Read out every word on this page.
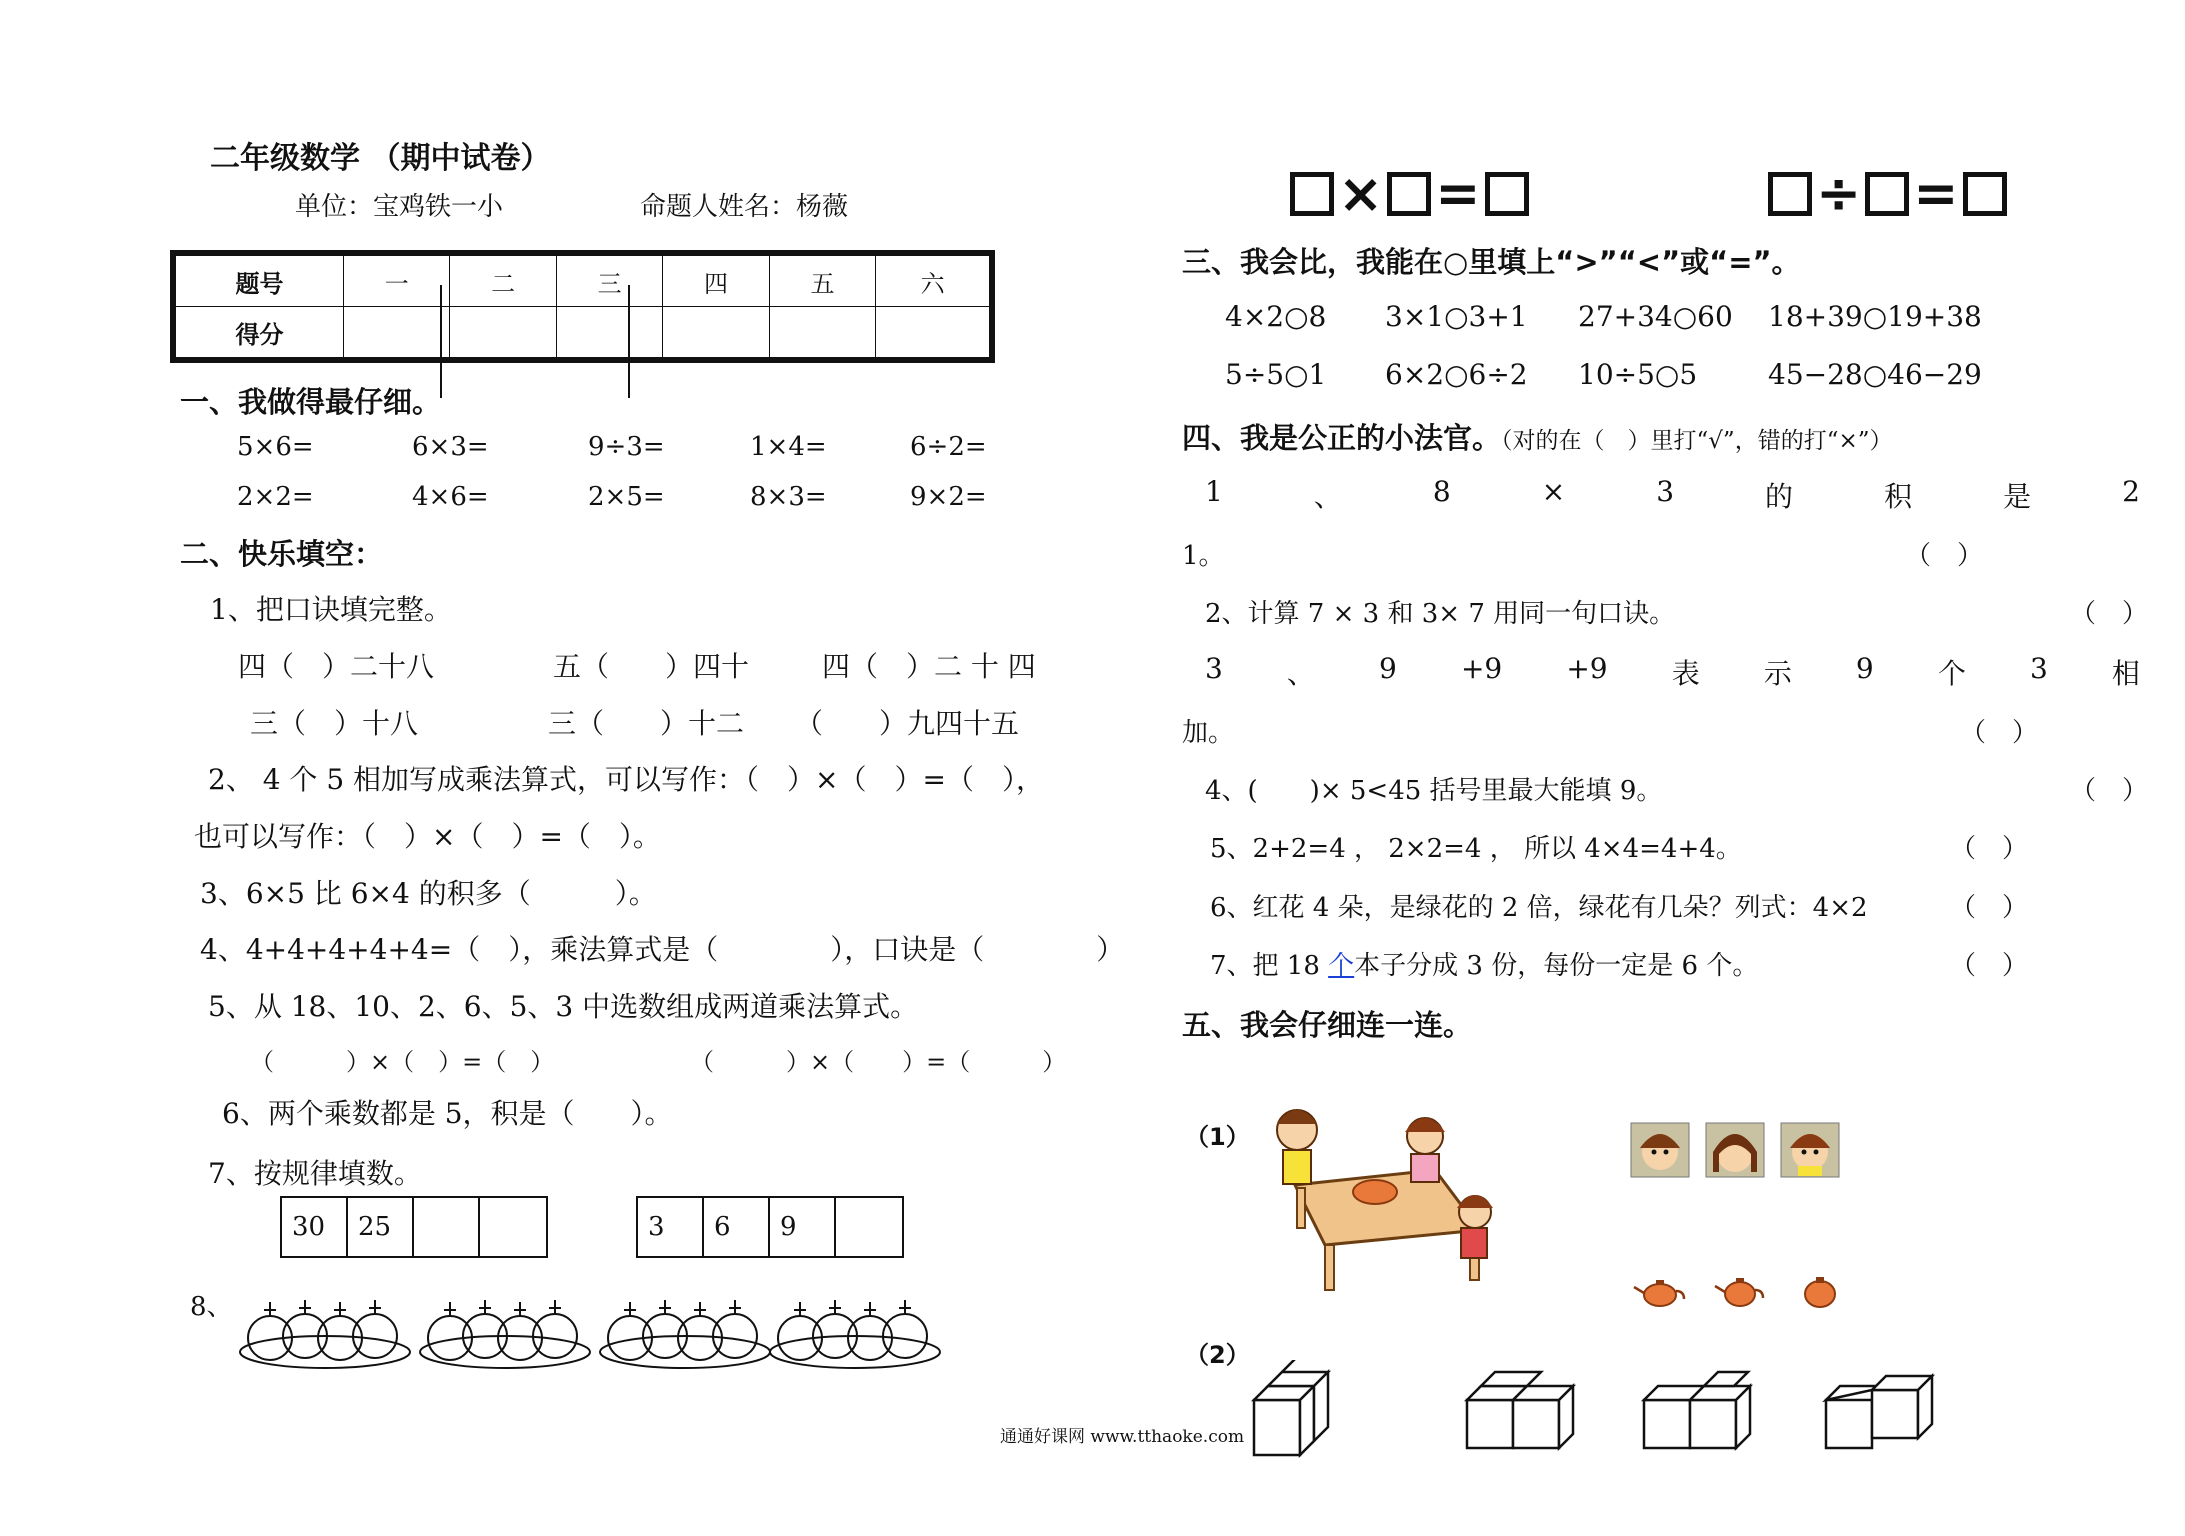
二年级数学 （期中试卷）
单位：宝鸡铁一小	命题人姓名：杨薇
题号	一	二	三	四	五	六
得分						
一、我做得最仔细。
5×6=	6×3=	9÷3=	1×4=	6÷2=
2×2=	4×6=	2×5=	8×3=	9×2=
二、快乐填空：
1、把口诀填完整。
四（　）二十八	五（　　）四十	四（　）二 十 四
三（　）十八	三（　　）十二 （　　）九四十五
2、 4 个 5 相加写成乘法算式，可以写作：（　）×（　）=（　），
也可以写作：（　）×（　）=（　）。
3、6×5 比 6×4 的积多（　　　）。
4、4+4+4+4+4=（　），乘法算式是（　　　　），口诀是（　　　　）
5、从 18、10、2、6、5、3 中选数组成两道乘法算式。
（　　　）×（　）=（　）	（　　　）×（　　）=（　　　）
6、两个乘数都是 5，积是（　　）。
7、按规律填数。
30	25	3	6	9
8、
通通好课网 www.tthaoke.com
× =	÷ =
三、我会比，我能在○里填上“>”“<”或“=”。
4×2○8 3×1○3+1 27+34○60 18+39○19+38
5÷5○1 6×2○6÷2 10÷5○5	45−28○46−29
四、我是公正的小法官。（对的在（　）里打“√”，错的打“×”）
1	、	8	×	3	的	积	是	2
1。	（　）
2、计算 7 × 3 和 3× 7 用同一句口诀。	（　）
3 、 9 +9 +9 表 示 9 个 3 相
加。	（　）
4、(　　)× 5<45 括号里最大能填 9。	（　）
5、2+2=4 ， 2×2=4 ， 所以 4×4=4+4。	（　）
6、红花 4 朵，是绿花的 2 倍，绿花有几朵？列式：4×2	（　）
7、把 18 个本子分成 3 份，每份一定是 6 个。	（　）
五、我会仔细连一连。
（1）
（2）
